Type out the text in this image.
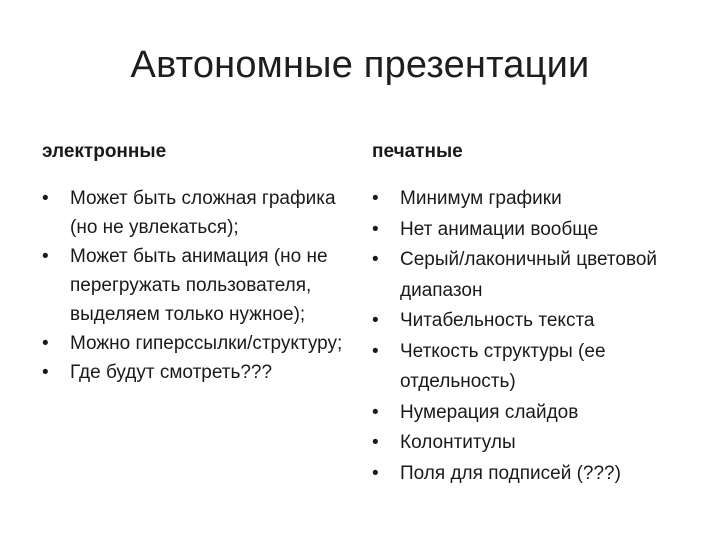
Автономные презентации
электронные
•	Может быть сложная графика (но не увлекаться);
•	Может быть анимация (но не перегружать пользователя, выделяем только нужное);
•	Можно гиперссылки/структуру;
•	Где будут смотреть???
печатные
•	Минимум графики
•	Нет анимации вообще
•	Серый/лаконичный цветовой диапазон
•	Читабельность текста
•	Четкость структуры (ее отдельность)
•	Нумерация слайдов
•	Колонтитулы
•	Поля для подписей (???)
